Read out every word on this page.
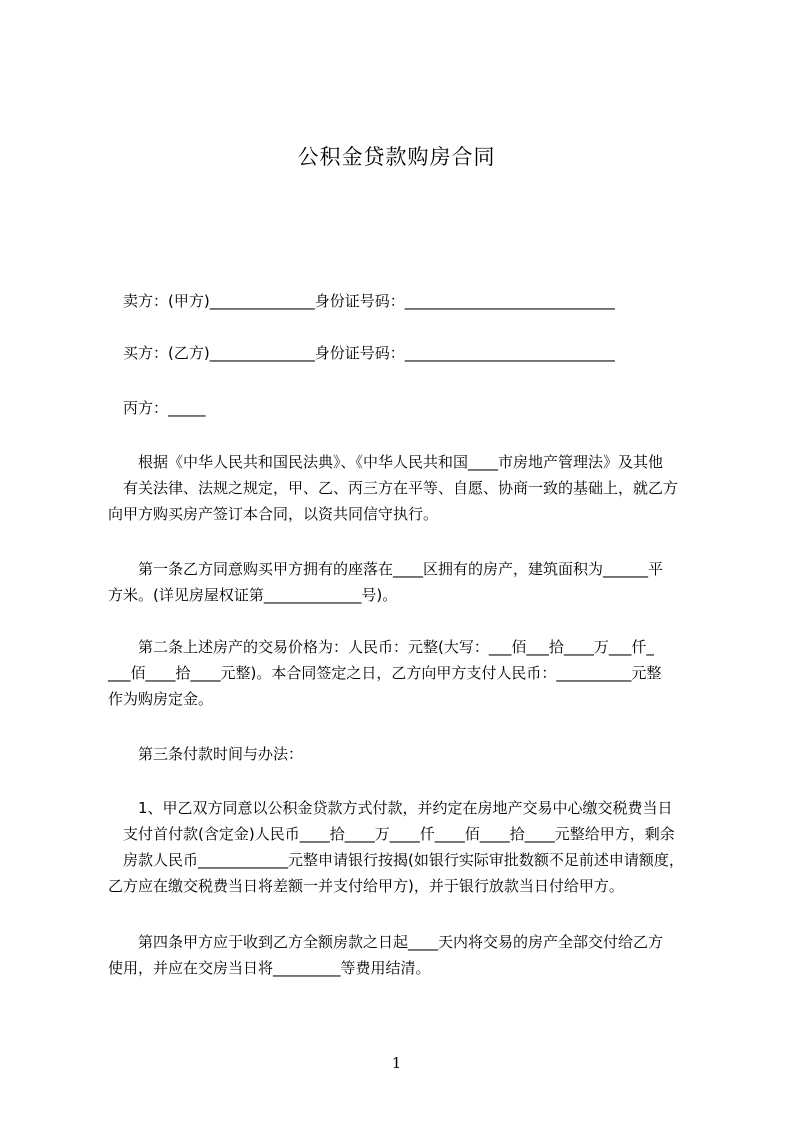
公积金贷款购房合同

　卖方：(甲方)______________身份证号码：____________________________

　买方：(乙方)______________身份证号码：____________________________

　丙方：_____

　　根据《中华人民共和国民法典》、《中华人民共和国____市房地产管理法》及其他
　有关法律、法规之规定，甲、乙、丙三方在平等、自愿、协商一致的基础上，就乙方
向甲方购买房产签订本合同，以资共同信守执行。

　　第一条乙方同意购买甲方拥有的座落在____区拥有的房产，建筑面积为______平
方米。(详见房屋权证第_____________号)。

　　第二条上述房产的交易价格为：人民币：元整(大写：___佰___拾____万___仟_
___佰____拾____元整)。本合同签定之日，乙方向甲方支付人民币：__________元整
作为购房定金。

　　第三条付款时间与办法：

　　1、甲乙双方同意以公积金贷款方式付款，并约定在房地产交易中心缴交税费当日
　支付首付款(含定金)人民币____拾____万____仟____佰____拾____元整给甲方，剩余
　房款人民币____________元整申请银行按揭(如银行实际审批数额不足前述申请额度，
乙方应在缴交税费当日将差额一并支付给甲方)，并于银行放款当日付给甲方。

　　第四条甲方应于收到乙方全额房款之日起____天内将交易的房产全部交付给乙方
使用，并应在交房当日将_________等费用结清。

1
